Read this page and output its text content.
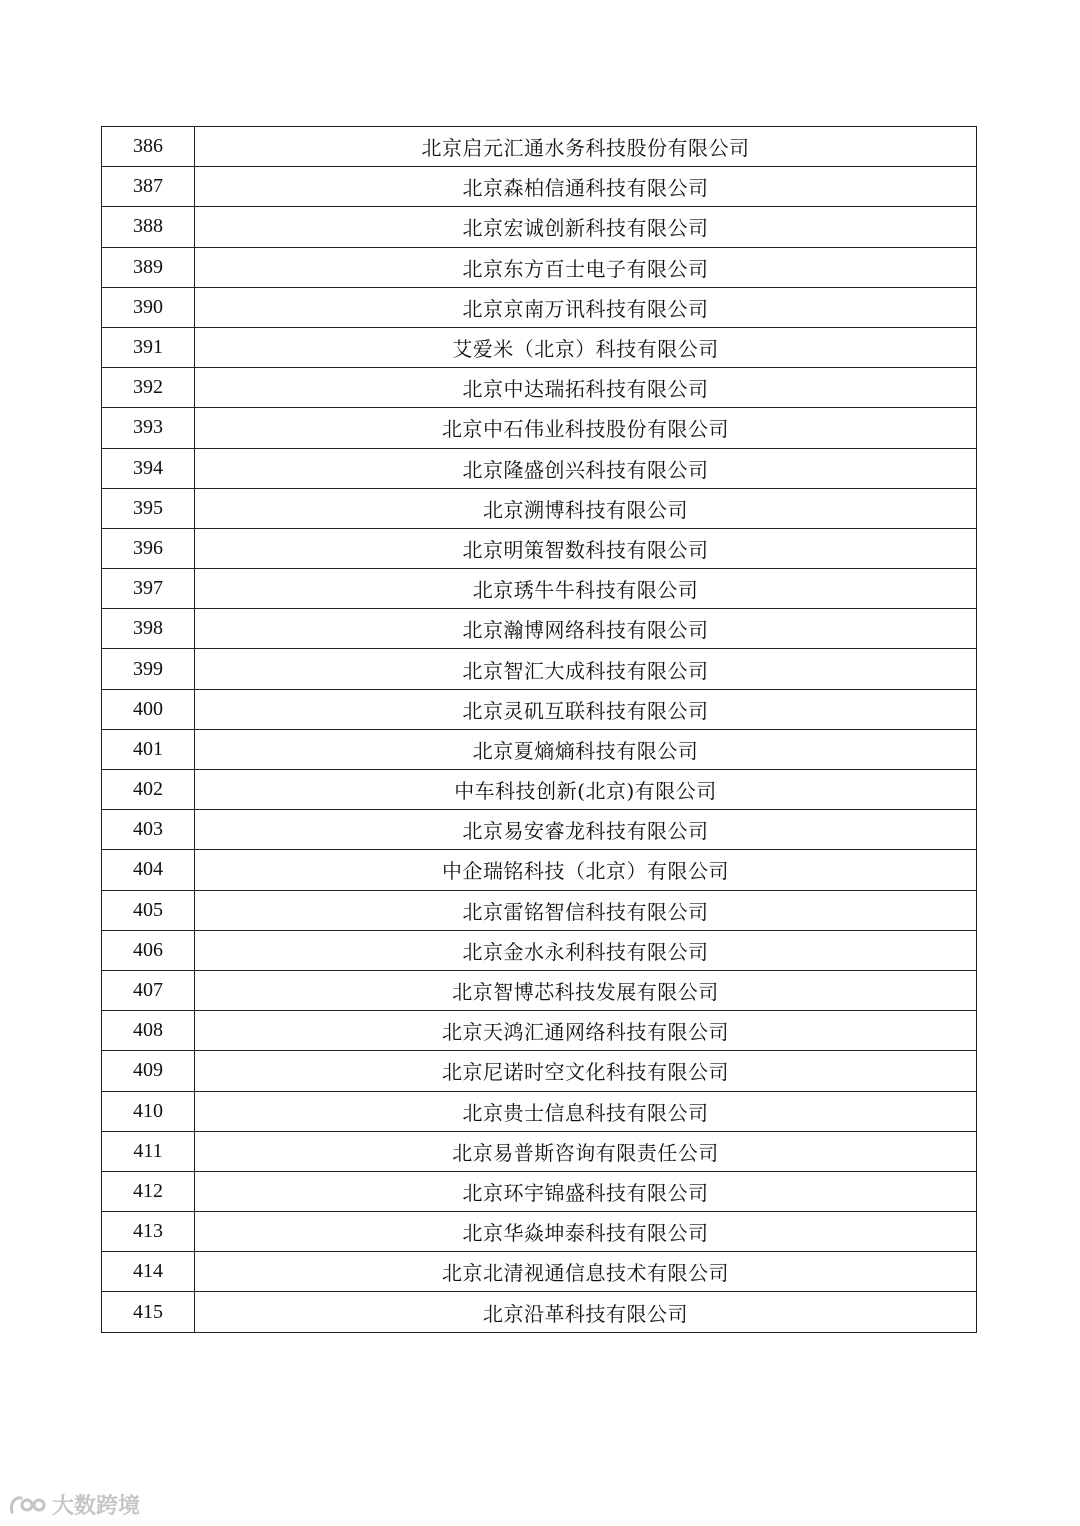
386	北京启元汇通水务科技股份有限公司
387	北京森柏信通科技有限公司
388	北京宏诚创新科技有限公司
389	北京东方百士电子有限公司
390	北京京南万讯科技有限公司
391	艾爱米（北京）科技有限公司
392	北京中达瑞拓科技有限公司
393	北京中石伟业科技股份有限公司
394	北京隆盛创兴科技有限公司
395	北京溯博科技有限公司
396	北京明策智数科技有限公司
397	北京琇牛牛科技有限公司
398	北京瀚博网络科技有限公司
399	北京智汇大成科技有限公司
400	北京灵矶互联科技有限公司
401	北京夏熵熵科技有限公司
402	中车科技创新(北京)有限公司
403	北京易安睿龙科技有限公司
404	中企瑞铭科技（北京）有限公司
405	北京雷铭智信科技有限公司
406	北京金水永利科技有限公司
407	北京智博芯科技发展有限公司
408	北京天鸿汇通网络科技有限公司
409	北京尼诺时空文化科技有限公司
410	北京贵士信息科技有限公司
411	北京易普斯咨询有限责任公司
412	北京环宇锦盛科技有限公司
413	北京华焱坤泰科技有限公司
414	北京北清视通信息技术有限公司
415	北京沿革科技有限公司
大数跨境
